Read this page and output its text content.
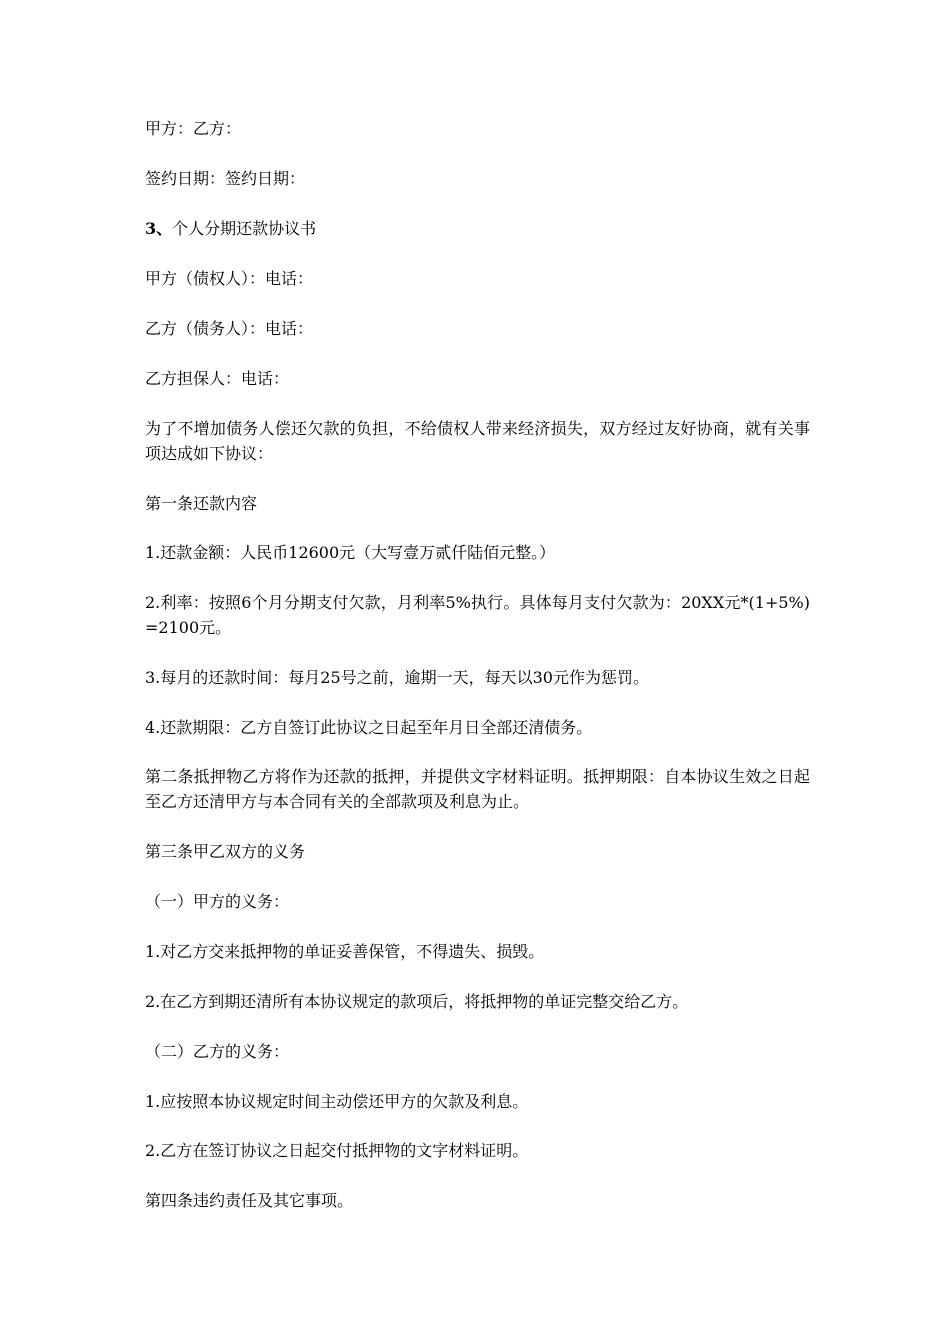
甲方：乙方：

签约日期：签约日期：

3、个人分期还款协议书

甲方（债权人）：电话：

乙方（债务人）：电话：

乙方担保人：电话：

为了不增加债务人偿还欠款的负担，不给债权人带来经济损失，双方经过友好协商，就有关事项达成如下协议：

第一条还款内容

1.还款金额：人民币12600元（大写壹万贰仟陆佰元整。）

2.利率：按照6个月分期支付欠款，月利率5%执行。具体每月支付欠款为：20XX元*(1+5%)=2100元。

3.每月的还款时间：每月25号之前，逾期一天，每天以30元作为惩罚。

4.还款期限：乙方自签订此协议之日起至年月日全部还清债务。

第二条抵押物乙方将作为还款的抵押，并提供文字材料证明。抵押期限：自本协议生效之日起至乙方还清甲方与本合同有关的全部款项及利息为止。

第三条甲乙双方的义务

（一）甲方的义务：

1.对乙方交来抵押物的单证妥善保管，不得遗失、损毁。

2.在乙方到期还清所有本协议规定的款项后，将抵押物的单证完整交给乙方。

（二）乙方的义务：

1.应按照本协议规定时间主动偿还甲方的欠款及利息。

2.乙方在签订协议之日起交付抵押物的文字材料证明。

第四条违约责任及其它事项。
